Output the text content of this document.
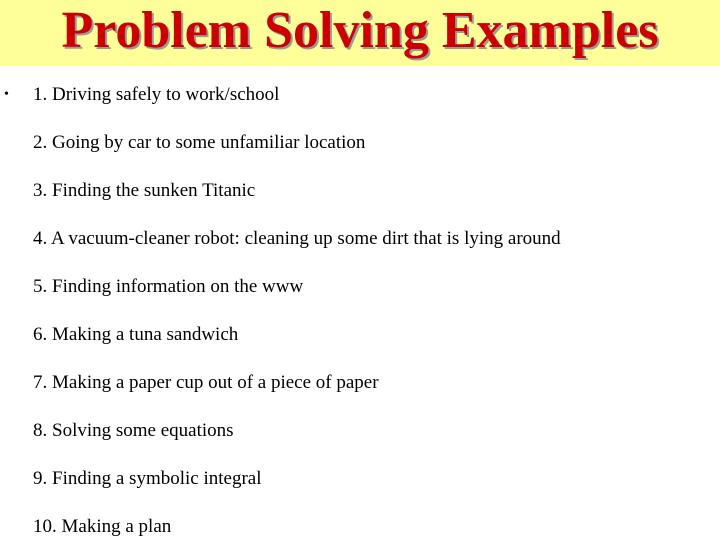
Problem Solving Examples
• 1. Driving safely to work/school
2. Going by car to some unfamiliar location
3. Finding the sunken Titanic
4. A vacuum-cleaner robot: cleaning up some dirt that is lying around
5. Finding information on the www
6. Making a tuna sandwich
7. Making a paper cup out of a piece of paper
8. Solving some equations
9. Finding a symbolic integral
10. Making a plan
